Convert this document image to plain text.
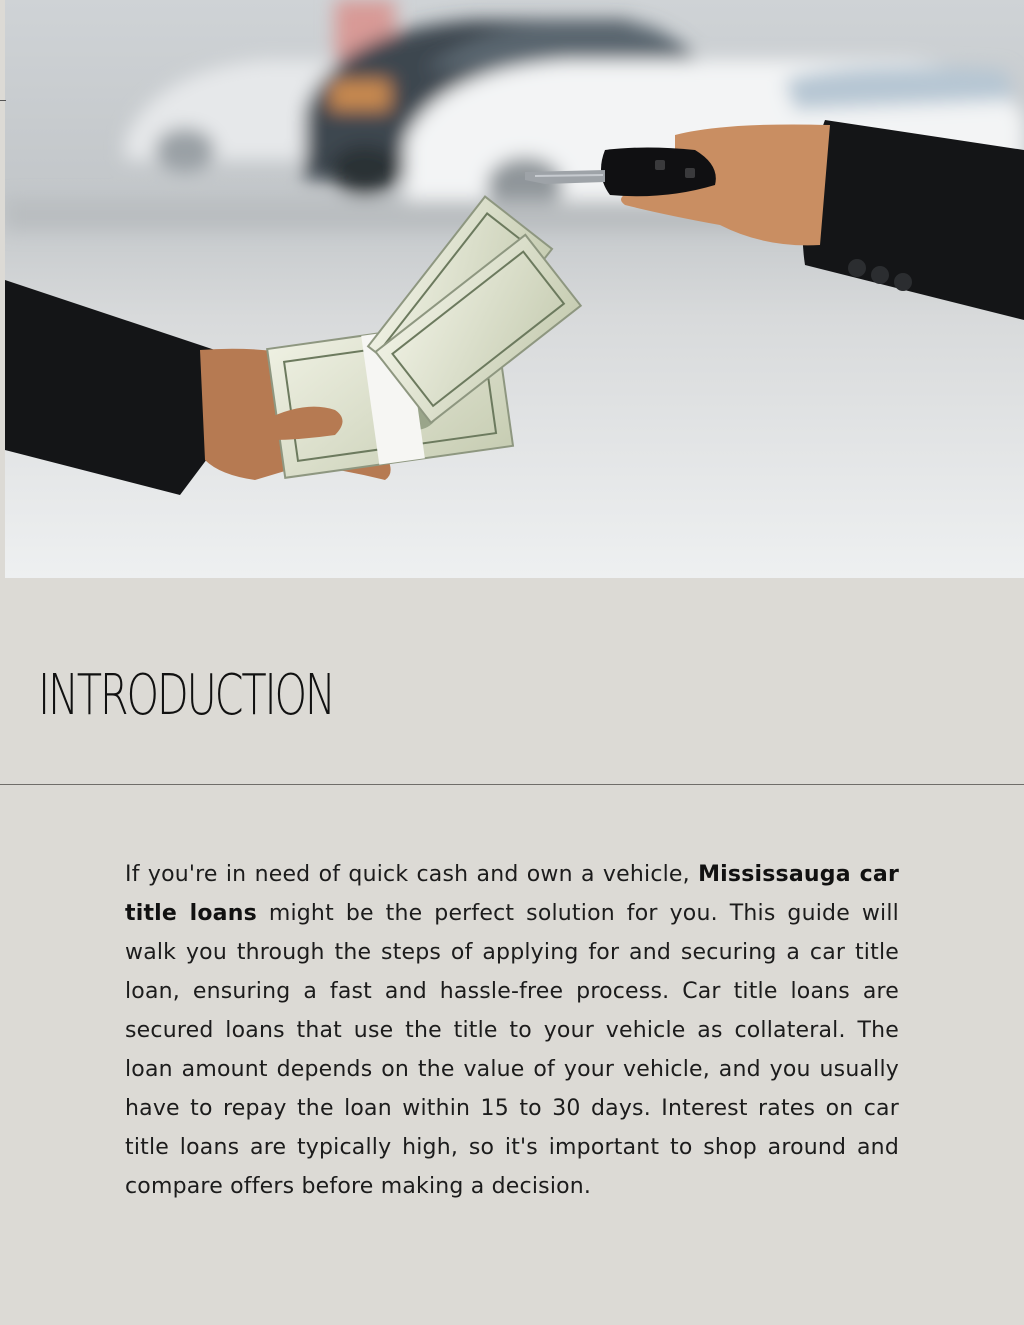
INTRODUCTION

If you're in need of quick cash and own a vehicle, Mississauga car title loans might be the perfect solution for you. This guide will walk you through the steps of applying for and securing a car title loan, ensuring a fast and hassle-free process. Car title loans are secured loans that use the title to your vehicle as collateral. The loan amount depends on the value of your vehicle, and you usually have to repay the loan within 15 to 30 days. Interest rates on car title loans are typically high, so it's important to shop around and compare offers before making a decision.
